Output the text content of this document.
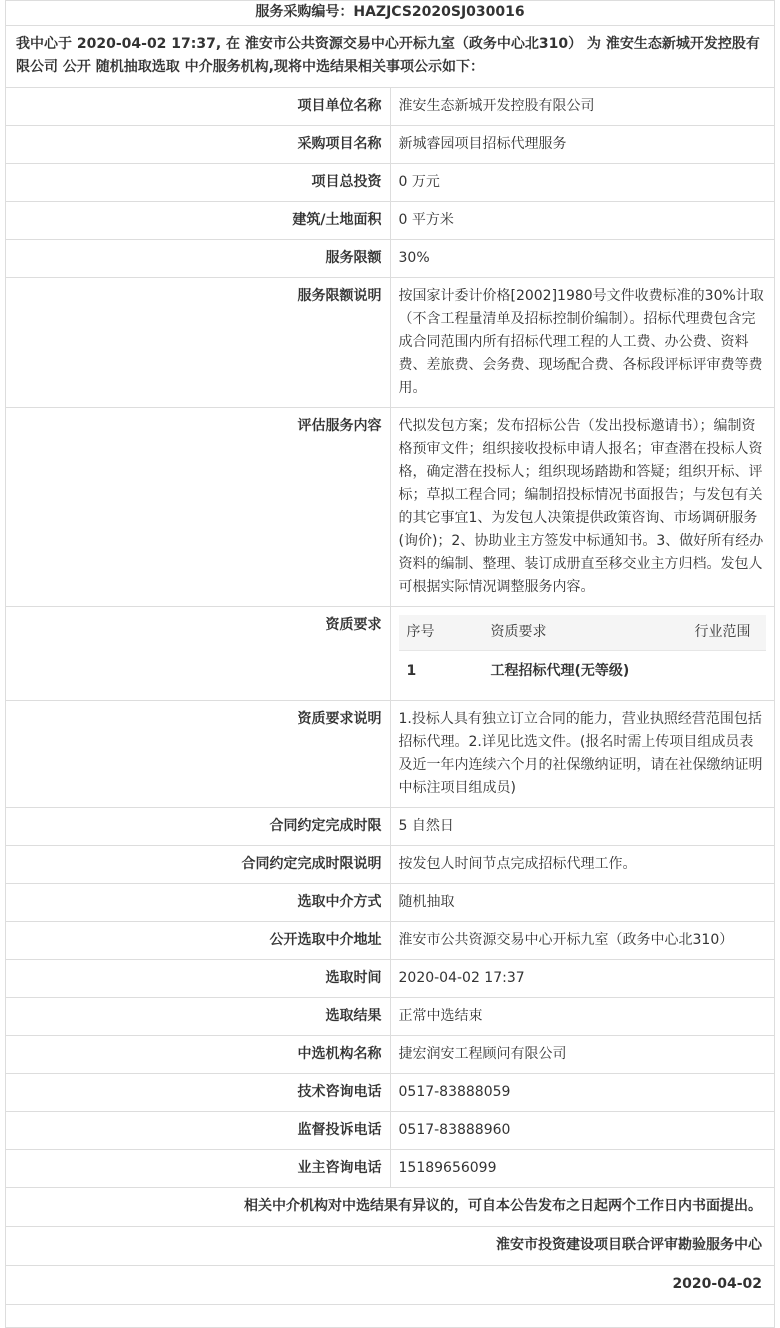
服务采购编号：HAZJCS2020SJ030016
我中心于 2020-04-02 17:37, 在 淮安市公共资源交易中心开标九室（政务中心北310） 为 淮安生态新城开发控股有限公司 公开 随机抽取选取 中介服务机构,现将中选结果相关事项公示如下：
项目单位名称	淮安生态新城开发控股有限公司
采购项目名称	新城睿园项目招标代理服务
项目总投资	0 万元
建筑/土地面积	0 平方米
服务限额	30%
服务限额说明	按国家计委计价格[2002]1980号文件收费标准的30%计取（不含工程量清单及招标控制价编制）。招标代理费包含完成合同范围内所有招标代理工程的人工费、办公费、资料费、差旅费、会务费、现场配合费、各标段评标评审费等费用。
评估服务内容	代拟发包方案；发布招标公告（发出投标邀请书）；编制资格预审文件；组织接收投标申请人报名；审查潜在投标人资格，确定潜在投标人；组织现场踏勘和答疑；组织开标、评标；草拟工程合同；编制招投标情况书面报告；与发包有关的其它事宜1、为发包人决策提供政策咨询、市场调研服务(询价)；2、协助业主方签发中标通知书。3、做好所有经办资料的编制、整理、装订成册直至移交业主方归档。发包人可根据实际情况调整服务内容。
资质要求	序号	资质要求	行业范围
1	工程招标代理(无等级)	

资质要求说明	1.投标人具有独立订立合同的能力，营业执照经营范围包括招标代理。2.详见比选文件。(报名时需上传项目组成员表及近一年内连续六个月的社保缴纳证明，请在社保缴纳证明中标注项目组成员)
合同约定完成时限	5 自然日
合同约定完成时限说明	按发包人时间节点完成招标代理工作。
选取中介方式	随机抽取
公开选取中介地址	淮安市公共资源交易中心开标九室（政务中心北310）
选取时间	2020-04-02 17:37
选取结果	正常中选结束
中选机构名称	捷宏润安工程顾问有限公司
技术咨询电话	0517-83888059
监督投诉电话	0517-83888960
业主咨询电话	15189656099
相关中介机构对中选结果有异议的，可自本公告发布之日起两个工作日内书面提出。
淮安市投资建设项目联合评审勘验服务中心
2020-04-02
